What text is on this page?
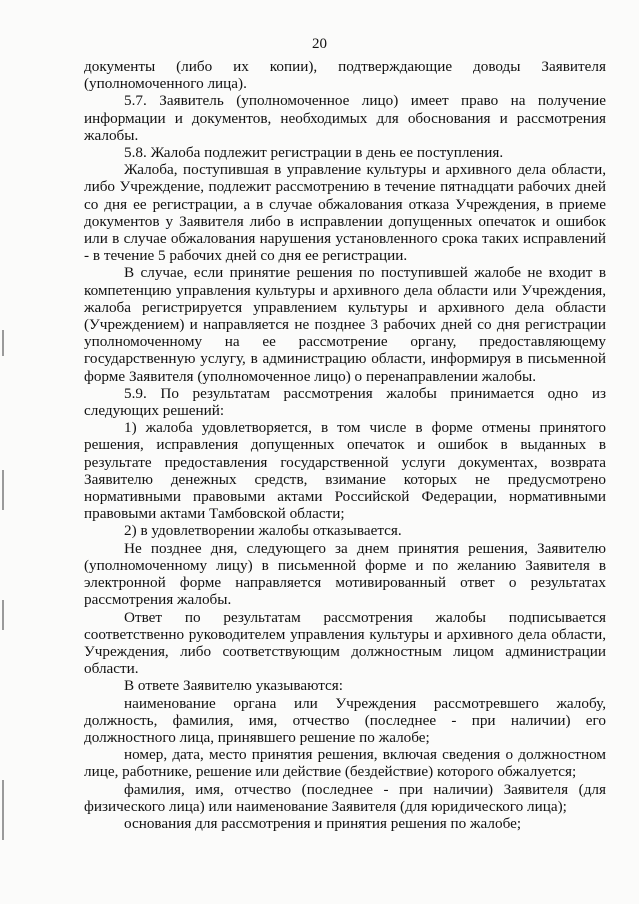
20

документы (либо их копии), подтверждающие доводы Заявителя (уполномоченного лица).

5.7. Заявитель (уполномоченное лицо) имеет право на получение информации и документов, необходимых для обоснования и рассмотрения жалобы.

5.8. Жалоба подлежит регистрации в день ее поступления.

Жалоба, поступившая в управление культуры и архивного дела области, либо Учреждение, подлежит рассмотрению в течение пятнадцати рабочих дней со дня ее регистрации, а в случае обжалования отказа Учреждения, в приеме документов у Заявителя либо в исправлении допущенных опечаток и ошибок или в случае обжалования нарушения установленного срока таких исправлений - в течение 5 рабочих дней со дня ее регистрации.

В случае, если принятие решения по поступившей жалобе не входит в компетенцию управления культуры и архивного дела области или Учреждения, жалоба регистрируется управлением культуры и архивного дела области (Учреждением) и направляется не позднее 3 рабочих дней со дня регистрации уполномоченному на ее рассмотрение органу, предоставляющему государственную услугу, в администрацию области, информируя в письменной форме Заявителя (уполномоченное лицо) о перенаправлении жалобы.

5.9. По результатам рассмотрения жалобы принимается одно из следующих решений:

1) жалоба удовлетворяется, в том числе в форме отмены принятого решения, исправления допущенных опечаток и ошибок в выданных в результате предоставления государственной услуги документах, возврата Заявителю денежных средств, взимание которых не предусмотрено нормативными правовыми актами Российской Федерации, нормативными правовыми актами Тамбовской области;

2) в удовлетворении жалобы отказывается.

Не позднее дня, следующего за днем принятия решения, Заявителю (уполномоченному лицу) в письменной форме и по желанию Заявителя в электронной форме направляется мотивированный ответ о результатах рассмотрения жалобы.

Ответ по результатам рассмотрения жалобы подписывается соответственно руководителем управления культуры и архивного дела области, Учреждения, либо соответствующим должностным лицом администрации области.

В ответе Заявителю указываются:

наименование органа или Учреждения рассмотревшего жалобу, должность, фамилия, имя, отчество (последнее - при наличии) его должностного лица, принявшего решение по жалобе;

номер, дата, место принятия решения, включая сведения о должностном лице, работнике, решение или действие (бездействие) которого обжалуется;

фамилия, имя, отчество (последнее - при наличии) Заявителя (для физического лица) или наименование Заявителя (для юридического лица);

основания для рассмотрения и принятия решения по жалобе;
